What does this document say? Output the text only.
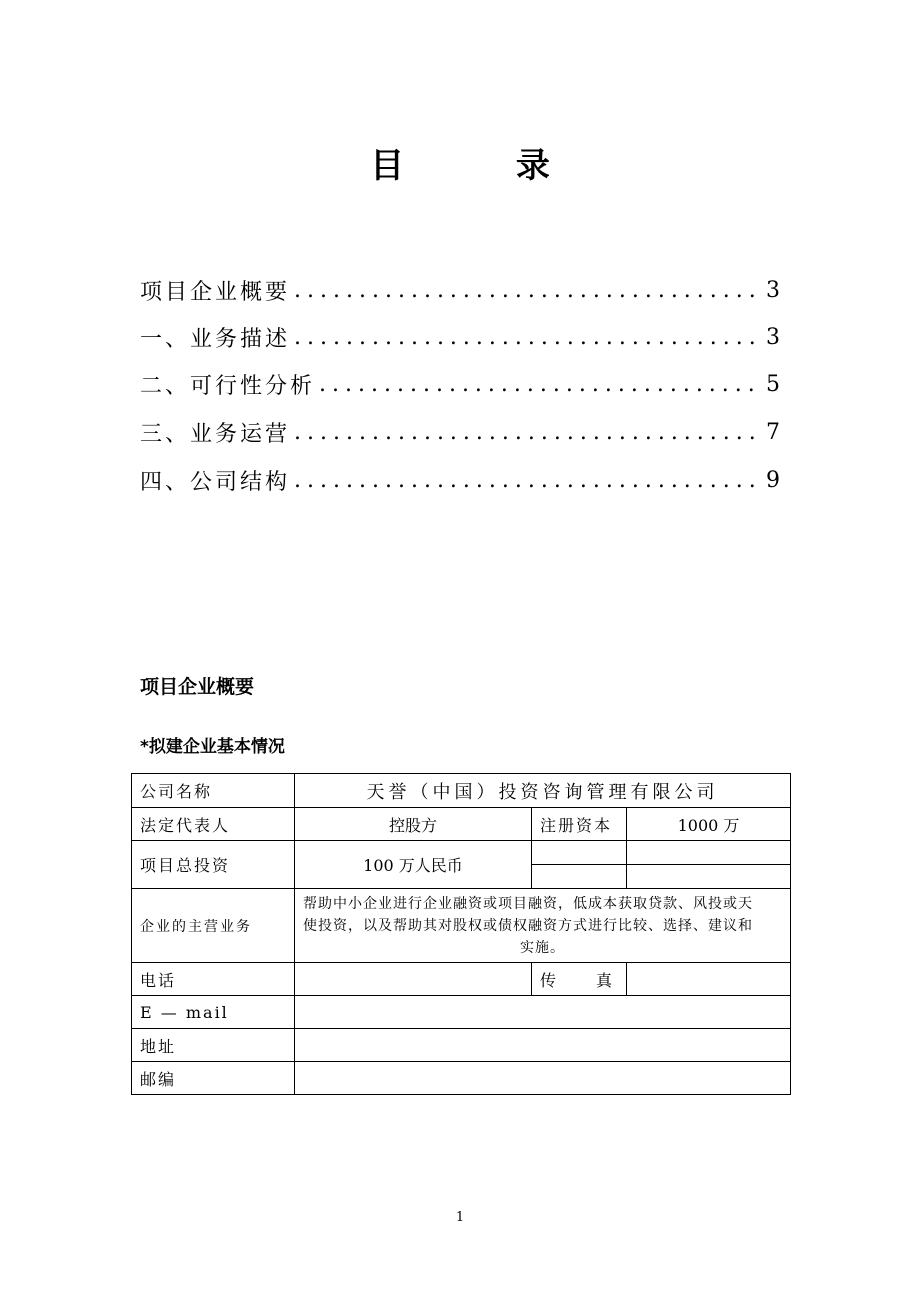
目 录
项目企业概要 .....	3
一、业务描述 .....	3
二、可行性分析 .....	5
三、业务运营 .....	7
四、公司结构 .....	9
项目企业概要
*拟建企业基本情况
公司名称	天誉（中国）投资咨询管理有限公司		
法定代表人	控股方	注册资本	1000 万
项目总投资	100 万人民币		

企业的主营业务	帮助中小企业进行企业融资或项目融资，低成本获取贷款、风投或天
使投资，以及帮助其对股权或债权融资方式进行比较、选择、建议和
实施。		

电话		传 真	
E — mail			
地址			
邮编			
1
